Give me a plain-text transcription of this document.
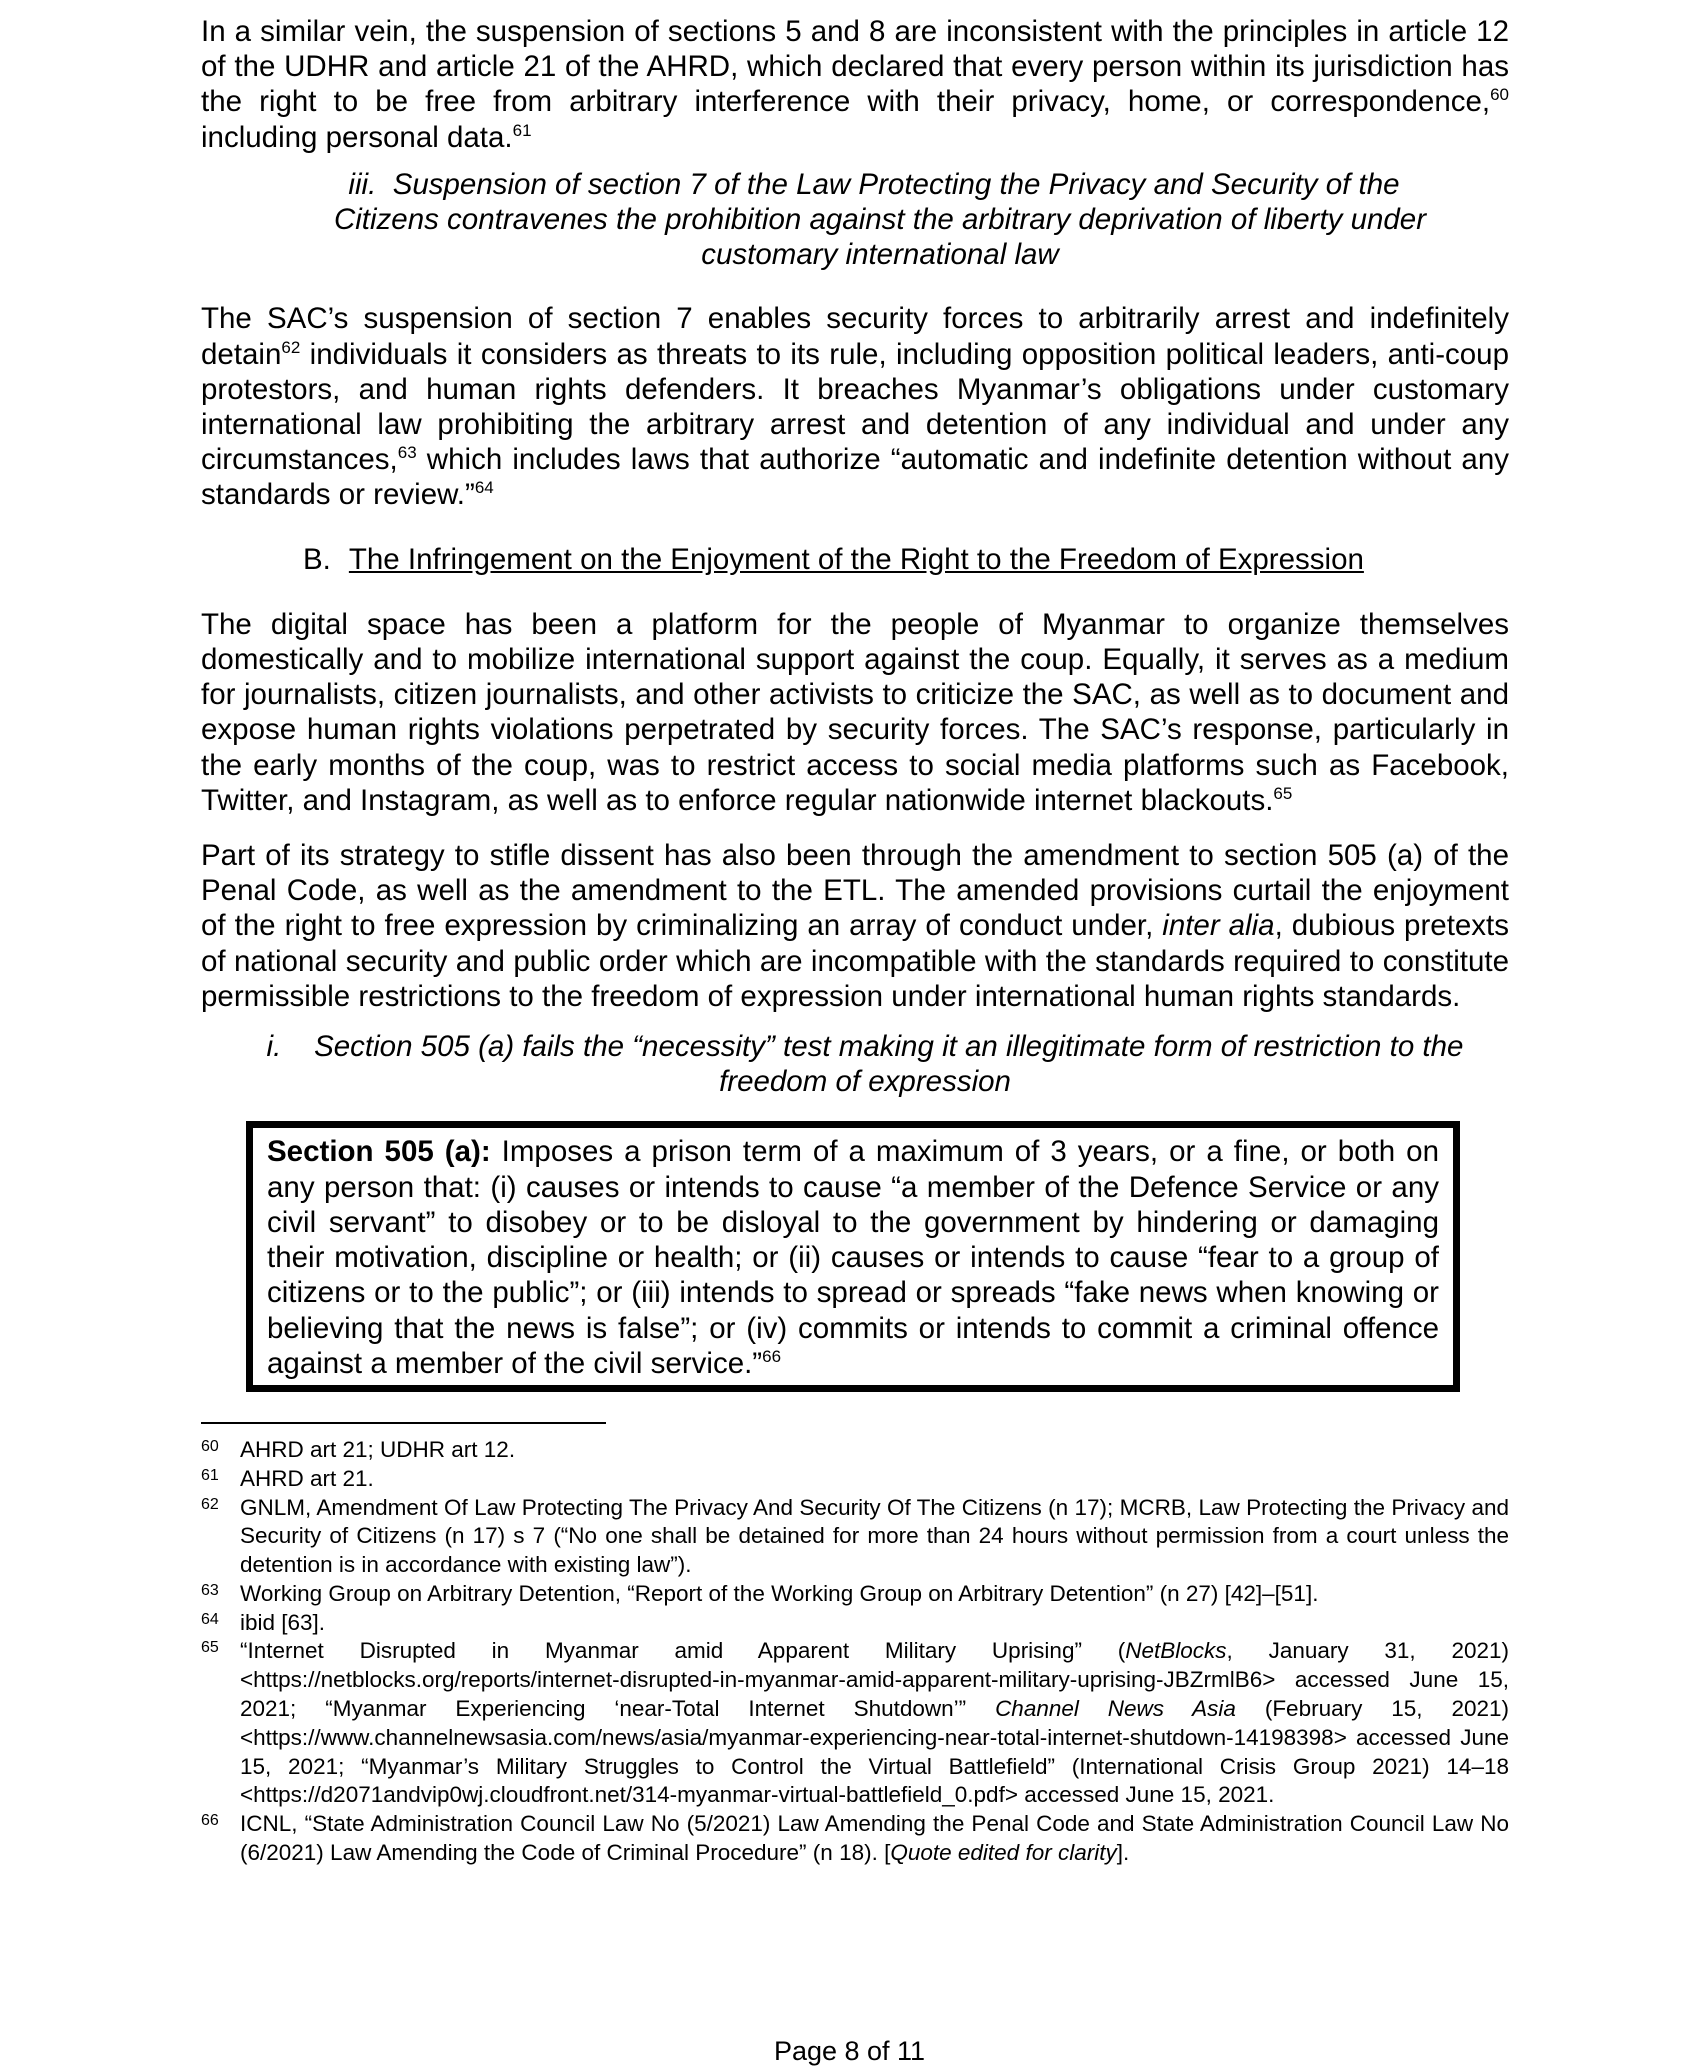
In a similar vein, the suspension of sections 5 and 8 are inconsistent with the principles in article 12 of the UDHR and article 21 of the AHRD, which declared that every person within its jurisdiction has the right to be free from arbitrary interference with their privacy, home, or correspondence,$^{60}$ including personal data.$^{61}$

iii. Suspension of section 7 of the Law Protecting the Privacy and Security of the Citizens contravenes the prohibition against the arbitrary deprivation of liberty under customary international law

The SAC’s suspension of section 7 enables security forces to arbitrarily arrest and indefinitely detain$^{62}$ individuals it considers as threats to its rule, including opposition political leaders, anti-coup protestors, and human rights defenders. It breaches Myanmar’s obligations under customary international law prohibiting the arbitrary arrest and detention of any individual and under any circumstances,$^{63}$ which includes laws that authorize “automatic and indefinite detention without any standards or review.”$^{64}$

B. The Infringement on the Enjoyment of the Right to the Freedom of Expression

The digital space has been a platform for the people of Myanmar to organize themselves domestically and to mobilize international support against the coup. Equally, it serves as a medium for journalists, citizen journalists, and other activists to criticize the SAC, as well as to document and expose human rights violations perpetrated by security forces. The SAC’s response, particularly in the early months of the coup, was to restrict access to social media platforms such as Facebook, Twitter, and Instagram, as well as to enforce regular nationwide internet blackouts.$^{65}$

Part of its strategy to stifle dissent has also been through the amendment to section 505 (a) of the Penal Code, as well as the amendment to the ETL. The amended provisions curtail the enjoyment of the right to free expression by criminalizing an array of conduct under, inter alia, dubious pretexts of national security and public order which are incompatible with the standards required to constitute permissible restrictions to the freedom of expression under international human rights standards.

i. Section 505 (a) fails the “necessity” test making it an illegitimate form of restriction to the freedom of expression

Section 505 (a): Imposes a prison term of a maximum of 3 years, or a fine, or both on any person that: (i) causes or intends to cause “a member of the Defence Service or any civil servant” to disobey or to be disloyal to the government by hindering or damaging their motivation, discipline or health; or (ii) causes or intends to cause “fear to a group of citizens or to the public”; or (iii) intends to spread or spreads “fake news when knowing or believing that the news is false”; or (iv) commits or intends to commit a criminal offence against a member of the civil service.”$^{66}$

60 AHRD art 21; UDHR art 12.
61 AHRD art 21.
62 GNLM, Amendment Of Law Protecting The Privacy And Security Of The Citizens (n 17); MCRB, Law Protecting the Privacy and Security of Citizens (n 17) s 7 (“No one shall be detained for more than 24 hours without permission from a court unless the detention is in accordance with existing law”).
63 Working Group on Arbitrary Detention, “Report of the Working Group on Arbitrary Detention” (n 27) [42]–[51].
64 ibid [63].
65 “Internet Disrupted in Myanmar amid Apparent Military Uprising” (NetBlocks, January 31, 2021) <https://netblocks.org/reports/internet-disrupted-in-myanmar-amid-apparent-military-uprising-JBZrmlB6> accessed June 15, 2021; “Myanmar Experiencing ‘near-Total Internet Shutdown’” Channel News Asia (February 15, 2021) <https://www.channelnewsasia.com/news/asia/myanmar-experiencing-near-total-internet-shutdown-14198398> accessed June 15, 2021; “Myanmar’s Military Struggles to Control the Virtual Battlefield” (International Crisis Group 2021) 14–18 <https://d2071andvip0wj.cloudfront.net/314-myanmar-virtual-battlefield_0.pdf> accessed June 15, 2021.
66 ICNL, “State Administration Council Law No (5/2021) Law Amending the Penal Code and State Administration Council Law No (6/2021) Law Amending the Code of Criminal Procedure” (n 18). [Quote edited for clarity].
Page 8 of 11
